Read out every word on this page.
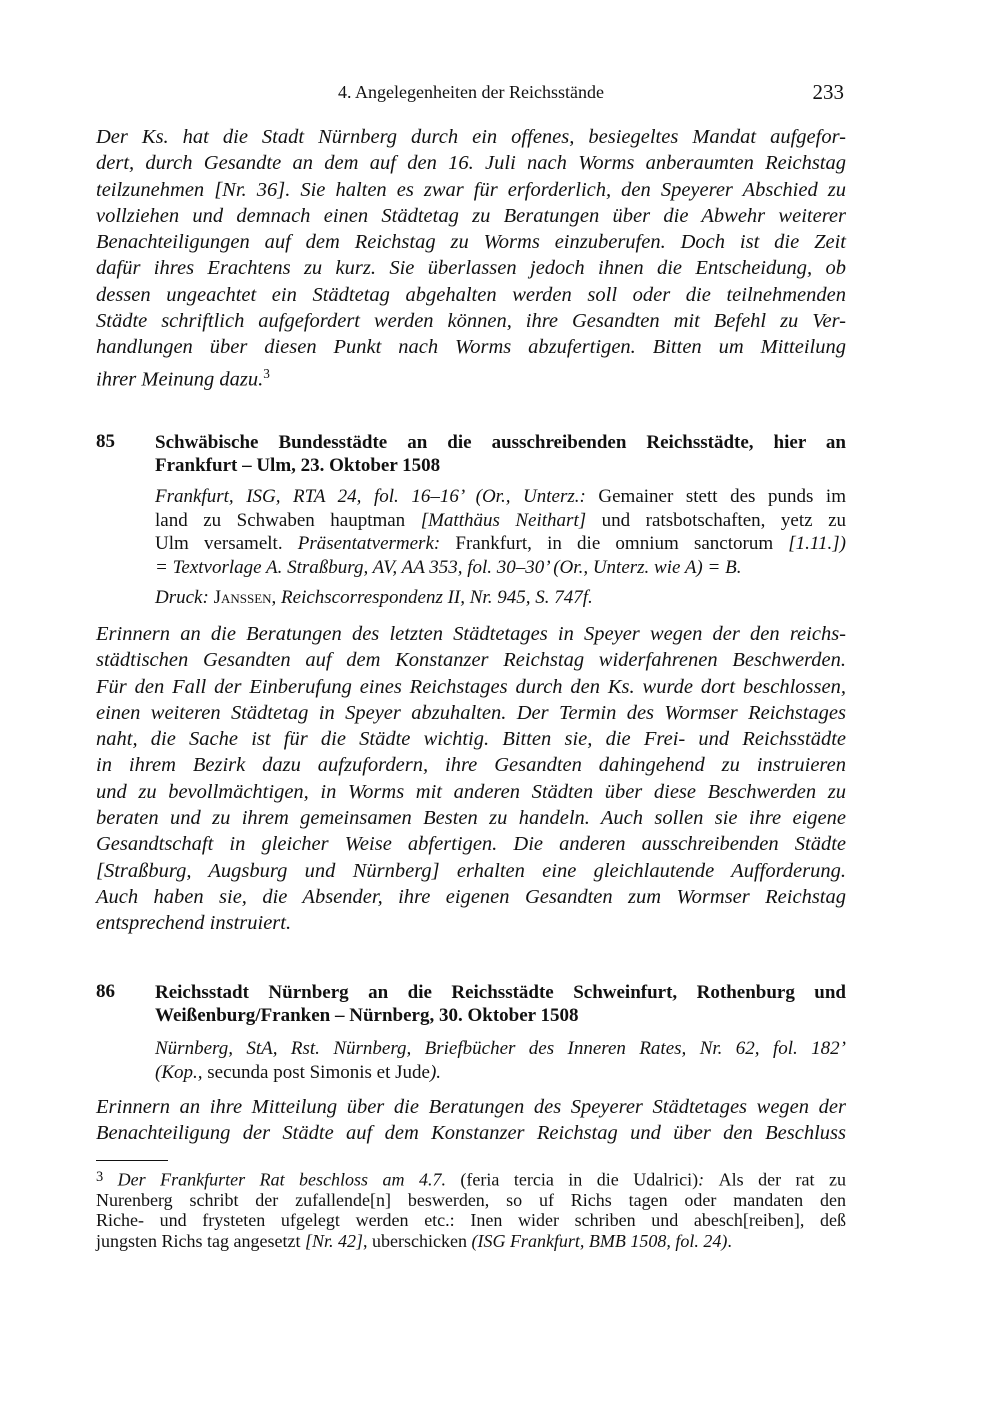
4. Angelegenheiten der Reichsstände	233
Der Ks. hat die Stadt Nürnberg durch ein offenes, besiegeltes Mandat aufgefor-
dert, durch Gesandte an dem auf den 16. Juli nach Worms anberaumten Reichstag
teilzunehmen [Nr. 36]. Sie halten es zwar für erforderlich, den Speyerer Abschied zu
vollziehen und demnach einen Städtetag zu Beratungen über die Abwehr weiterer
Benachteiligungen auf dem Reichstag zu Worms einzuberufen. Doch ist die Zeit
dafür ihres Erachtens zu kurz. Sie überlassen jedoch ihnen die Entscheidung, ob
dessen ungeachtet ein Städtetag abgehalten werden soll oder die teilnehmenden
Städte schriftlich aufgefordert werden können, ihre Gesandten mit Befehl zu Ver-
handlungen über diesen Punkt nach Worms abzufertigen. Bitten um Mitteilung
ihrer Meinung dazu.$^3$
85 Schwäbische Bundesstädte an die ausschreibenden Reichsstädte, hier an
Frankfurt – Ulm, 23. Oktober 1508
Frankfurt, ISG, RTA 24, fol. 16–16’ (Or., Unterz.: Gemainer stett des punds im
land zu Schwaben hauptman [Matthäus Neithart] und ratsbotschaften, yetz zu
Ulm versamelt. Präsentatvermerk: Frankfurt, in die omnium sanctorum [1.11.])
= Textvorlage A. Straßburg, AV, AA 353, fol. 30–30’ (Or., Unterz. wie A) = B.
Druck: Janssen, Reichscorrespondenz II, Nr. 945, S. 747f.
Erinnern an die Beratungen des letzten Städtetages in Speyer wegen der den reichs-
städtischen Gesandten auf dem Konstanzer Reichstag widerfahrenen Beschwerden.
Für den Fall der Einberufung eines Reichstages durch den Ks. wurde dort beschlossen,
einen weiteren Städtetag in Speyer abzuhalten. Der Termin des Wormser Reichstages
naht, die Sache ist für die Städte wichtig. Bitten sie, die Frei- und Reichsstädte
in ihrem Bezirk dazu aufzufordern, ihre Gesandten dahingehend zu instruieren
und zu bevollmächtigen, in Worms mit anderen Städten über diese Beschwerden zu
beraten und zu ihrem gemeinsamen Besten zu handeln. Auch sollen sie ihre eigene
Gesandtschaft in gleicher Weise abfertigen. Die anderen ausschreibenden Städte
[Straßburg, Augsburg und Nürnberg] erhalten eine gleichlautende Aufforderung.
Auch haben sie, die Absender, ihre eigenen Gesandten zum Wormser Reichstag
entsprechend instruiert.
86 Reichsstadt Nürnberg an die Reichsstädte Schweinfurt, Rothenburg und
Weißenburg/Franken – Nürnberg, 30. Oktober 1508
Nürnberg, StA, Rst. Nürnberg, Briefbücher des Inneren Rates, Nr. 62, fol. 182’
(Kop., secunda post Simonis et Jude).
Erinnern an ihre Mitteilung über die Beratungen des Speyerer Städtetages wegen der
Benachteiligung der Städte auf dem Konstanzer Reichstag und über den Beschluss
$^3$ Der Frankfurter Rat beschloss am 4.7. (feria tercia in die Udalrici): Als der rat zu
Nurenberg schribt der zufallende[n] beswerden, so uf Richs tagen oder mandaten den
Riche- und frysteten ufgelegt werden etc.: Inen wider schriben und abesch[reiben], deß
jungsten Richs tag angesetzt [Nr. 42], uberschicken (ISG Frankfurt, BMB 1508, fol. 24).
